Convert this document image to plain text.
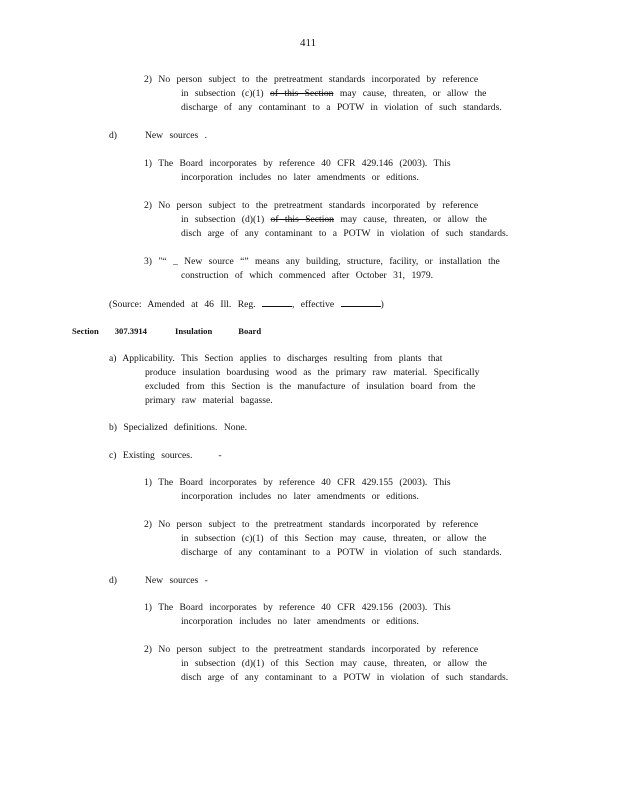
411
2) No person subject to the pretreatment standards incorporated by reference
in subsection (c)(1) of this Section may cause, threaten, or allow the
discharge of any contaminant to a POTW in violation of such standards.
d)	New sources .
1) The Board incorporates by reference 40 CFR 429.146 (2003). This
incorporation includes no later amendments or editions.
2) No person subject to the pretreatment standards incorporated by reference
in subsection (d)(1) of this Section may cause, threaten, or allow the
disch arge of any contaminant to a POTW in violation of such standards.
3) "“ _ New source “” means any building, structure, facility, or installation the
construction of which commenced after October 31, 1979.
(Source: Amended at 46 Ill. Reg.	, effective	)
Section 307.3914	Insulation	Board
a) Applicability. This Section applies to discharges resulting from plants that
produce insulation boardusing wood as the primary raw material. Specifically
excluded from this Section is the manufacture of insulation board from the
primary raw material bagasse.
b) Specialized definitions. None.
c) Existing sources.	-
1) The Board incorporates by reference 40 CFR 429.155 (2003). This
incorporation includes no later amendments or editions.
2) No person subject to the pretreatment standards incorporated by reference
in subsection (c)(1) of this Section may cause, threaten, or allow the
discharge of any contaminant to a POTW in violation of such standards.
d)	New sources -
1) The Board incorporates by reference 40 CFR 429.156 (2003). This
incorporation includes no later amendments or editions.
2) No person subject to the pretreatment standards incorporated by reference
in subsection (d)(1) of this Section may cause, threaten, or allow the
disch arge of any contaminant to a POTW in violation of such standards.
